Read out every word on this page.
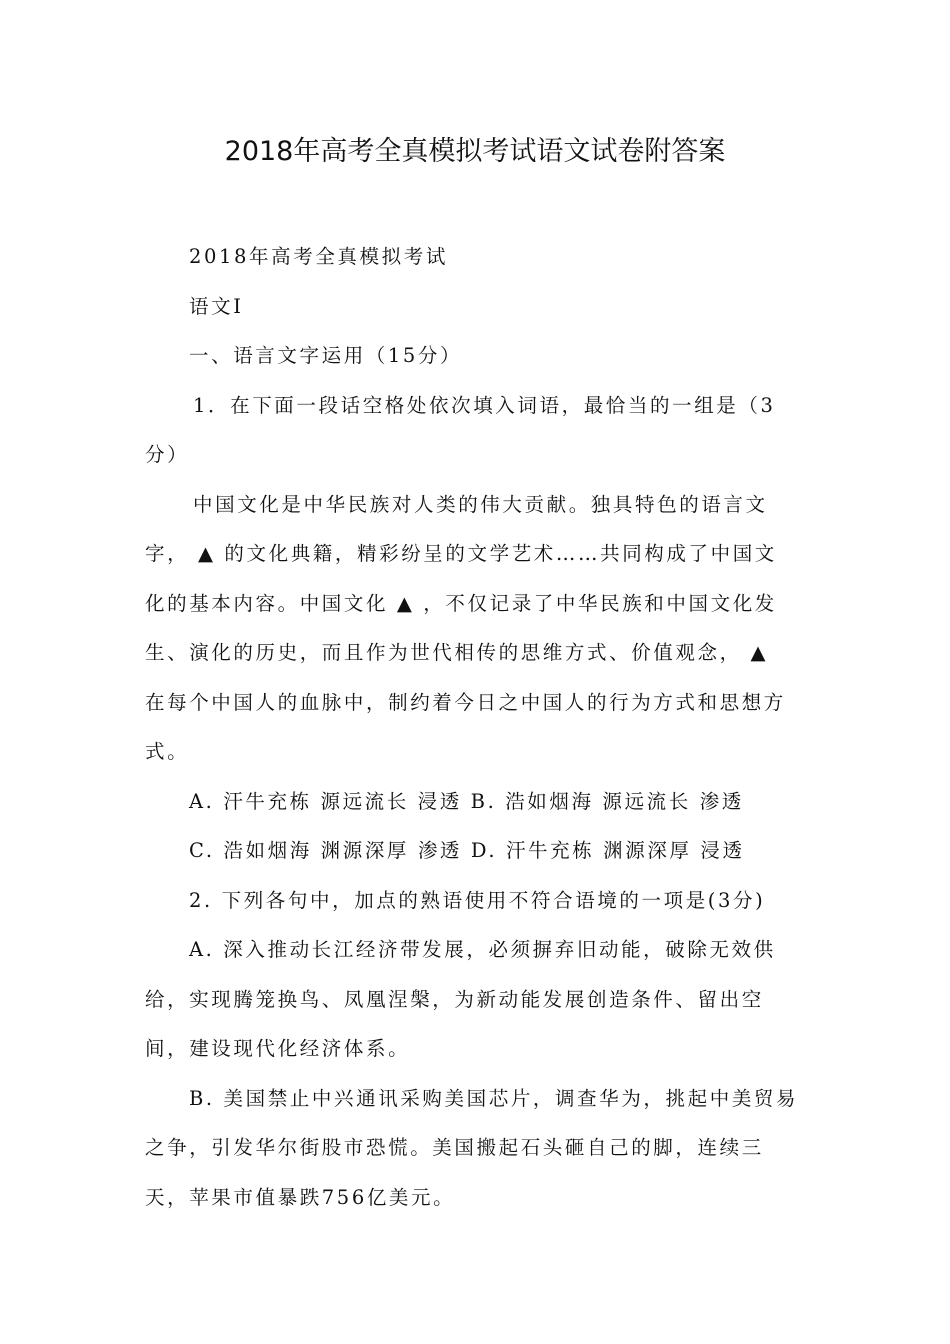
2018年高考全真模拟考试语文试卷附答案
2018年高考全真模拟考试
语文Ⅰ
一、语言文字运用（15分）
1．在下面一段话空格处依次填入词语，最恰当的一组是（3
分）
中国文化是中华民族对人类的伟大贡献。独具特色的语言文
字， ▲ 的文化典籍，精彩纷呈的文学艺术……共同构成了中国文
化的基本内容。中国文化 ▲ ，不仅记录了中华民族和中国文化发
生、演化的历史，而且作为世代相传的思维方式、价值观念， ▲
在每个中国人的血脉中，制约着今日之中国人的行为方式和思想方
式。
A. 汗牛充栋 源远流长 浸透 B. 浩如烟海 源远流长 渗透
C. 浩如烟海 渊源深厚 渗透 D. 汗牛充栋 渊源深厚 浸透
2. 下列各句中，加点的熟语使用不符合语境的一项是(3分)
A. 深入推动长江经济带发展，必须摒弃旧动能，破除无效供
给，实现腾笼换鸟、凤凰涅槃，为新动能发展创造条件、留出空
间，建设现代化经济体系。
B. 美国禁止中兴通讯采购美国芯片，调查华为，挑起中美贸易
之争，引发华尔街股市恐慌。美国搬起石头砸自己的脚，连续三
天，苹果市值暴跌756亿美元。
